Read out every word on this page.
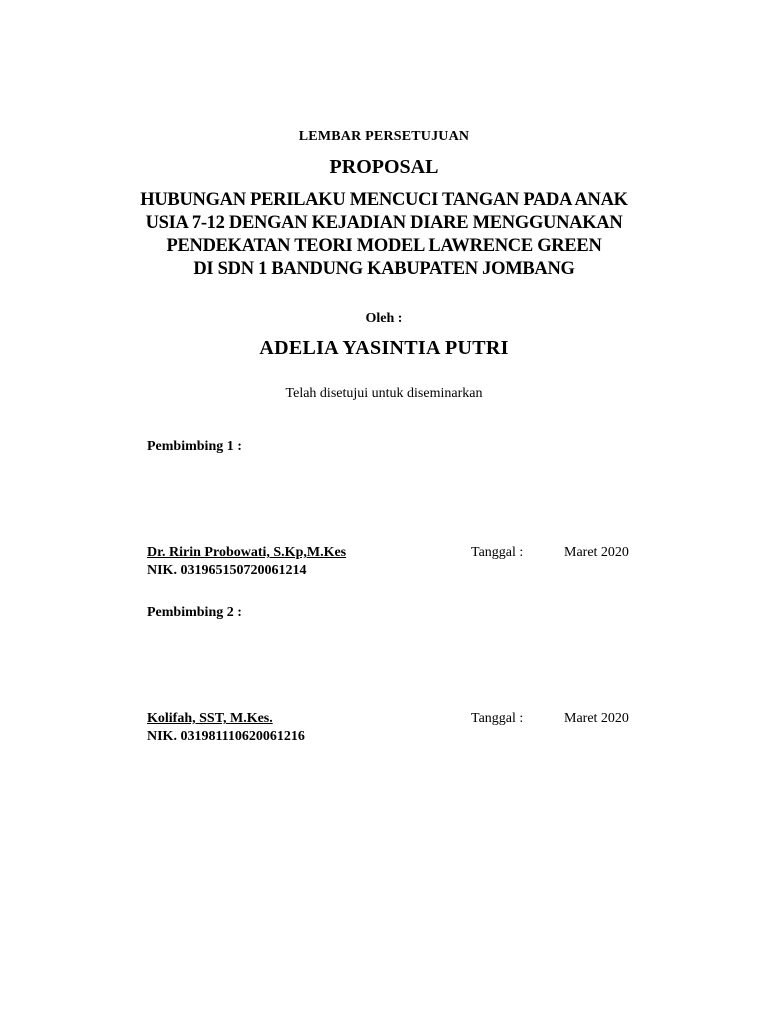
LEMBAR PERSETUJUAN
PROPOSAL
HUBUNGAN PERILAKU MENCUCI TANGAN PADA ANAK
USIA 7-12 DENGAN KEJADIAN DIARE MENGGUNAKAN
PENDEKATAN TEORI MODEL LAWRENCE GREEN
DI SDN 1 BANDUNG KABUPATEN JOMBANG
Oleh :
ADELIA YASINTIA PUTRI
Telah disetujui untuk diseminarkan
Pembimbing 1 :
Dr. Ririn Probowati, S.Kp,M.Kes
NIK. 031965150720061214
Tanggal :	Maret 2020
Pembimbing 2 :
Kolifah, SST, M.Kes.
NIK. 031981110620061216
Tanggal :	Maret 2020
